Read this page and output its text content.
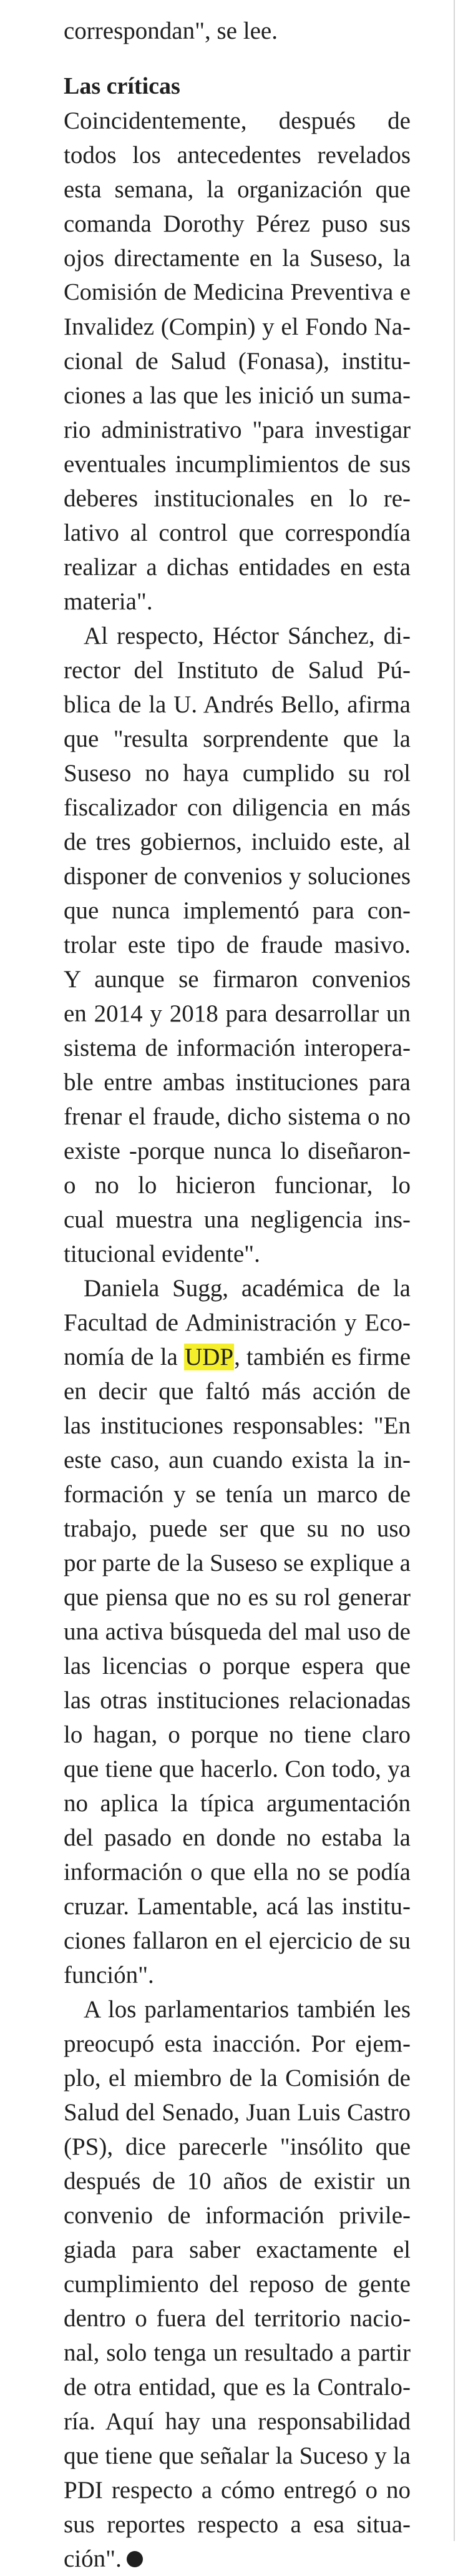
correspondan", se lee.
Las críticas
Coincidentemente, después de
todos los antecedentes revelados
esta semana, la organización que
comanda Dorothy Pérez puso sus
ojos directamente en la Suseso, la
Comisión de Medicina Preventiva e
Invalidez (Compin) y el Fondo Na-
cional de Salud (Fonasa), institu-
ciones a las que les inició un suma-
rio administrativo "para investigar
eventuales incumplimientos de sus
deberes institucionales en lo re-
lativo al control que correspondía
realizar a dichas entidades en esta
materia".
Al respecto, Héctor Sánchez, di-
rector del Instituto de Salud Pú-
blica de la U. Andrés Bello, afirma
que "resulta sorprendente que la
Suseso no haya cumplido su rol
fiscalizador con diligencia en más
de tres gobiernos, incluido este, al
disponer de convenios y soluciones
que nunca implementó para con-
trolar este tipo de fraude masivo.
Y aunque se firmaron convenios
en 2014 y 2018 para desarrollar un
sistema de información interopera-
ble entre ambas instituciones para
frenar el fraude, dicho sistema o no
existe -porque nunca lo diseñaron-
o no lo hicieron funcionar, lo
cual muestra una negligencia ins-
titucional evidente".
Daniela Sugg, académica de la
Facultad de Administración y Eco-
nomía de la UDP, también es firme
en decir que faltó más acción de
las instituciones responsables: "En
este caso, aun cuando exista la in-
formación y se tenía un marco de
trabajo, puede ser que su no uso
por parte de la Suseso se explique a
que piensa que no es su rol generar
una activa búsqueda del mal uso de
las licencias o porque espera que
las otras instituciones relacionadas
lo hagan, o porque no tiene claro
que tiene que hacerlo. Con todo, ya
no aplica la típica argumentación
del pasado en donde no estaba la
información o que ella no se podía
cruzar. Lamentable, acá las institu-
ciones fallaron en el ejercicio de su
función".
A los parlamentarios también les
preocupó esta inacción. Por ejem-
plo, el miembro de la Comisión de
Salud del Senado, Juan Luis Castro
(PS), dice parecerle "insólito que
después de 10 años de existir un
convenio de información privile-
giada para saber exactamente el
cumplimiento del reposo de gente
dentro o fuera del territorio nacio-
nal, solo tenga un resultado a partir
de otra entidad, que es la Contralo-
ría. Aquí hay una responsabilidad
que tiene que señalar la Suceso y la
PDI respecto a cómo entregó o no
sus reportes respecto a esa situa-
ción".
